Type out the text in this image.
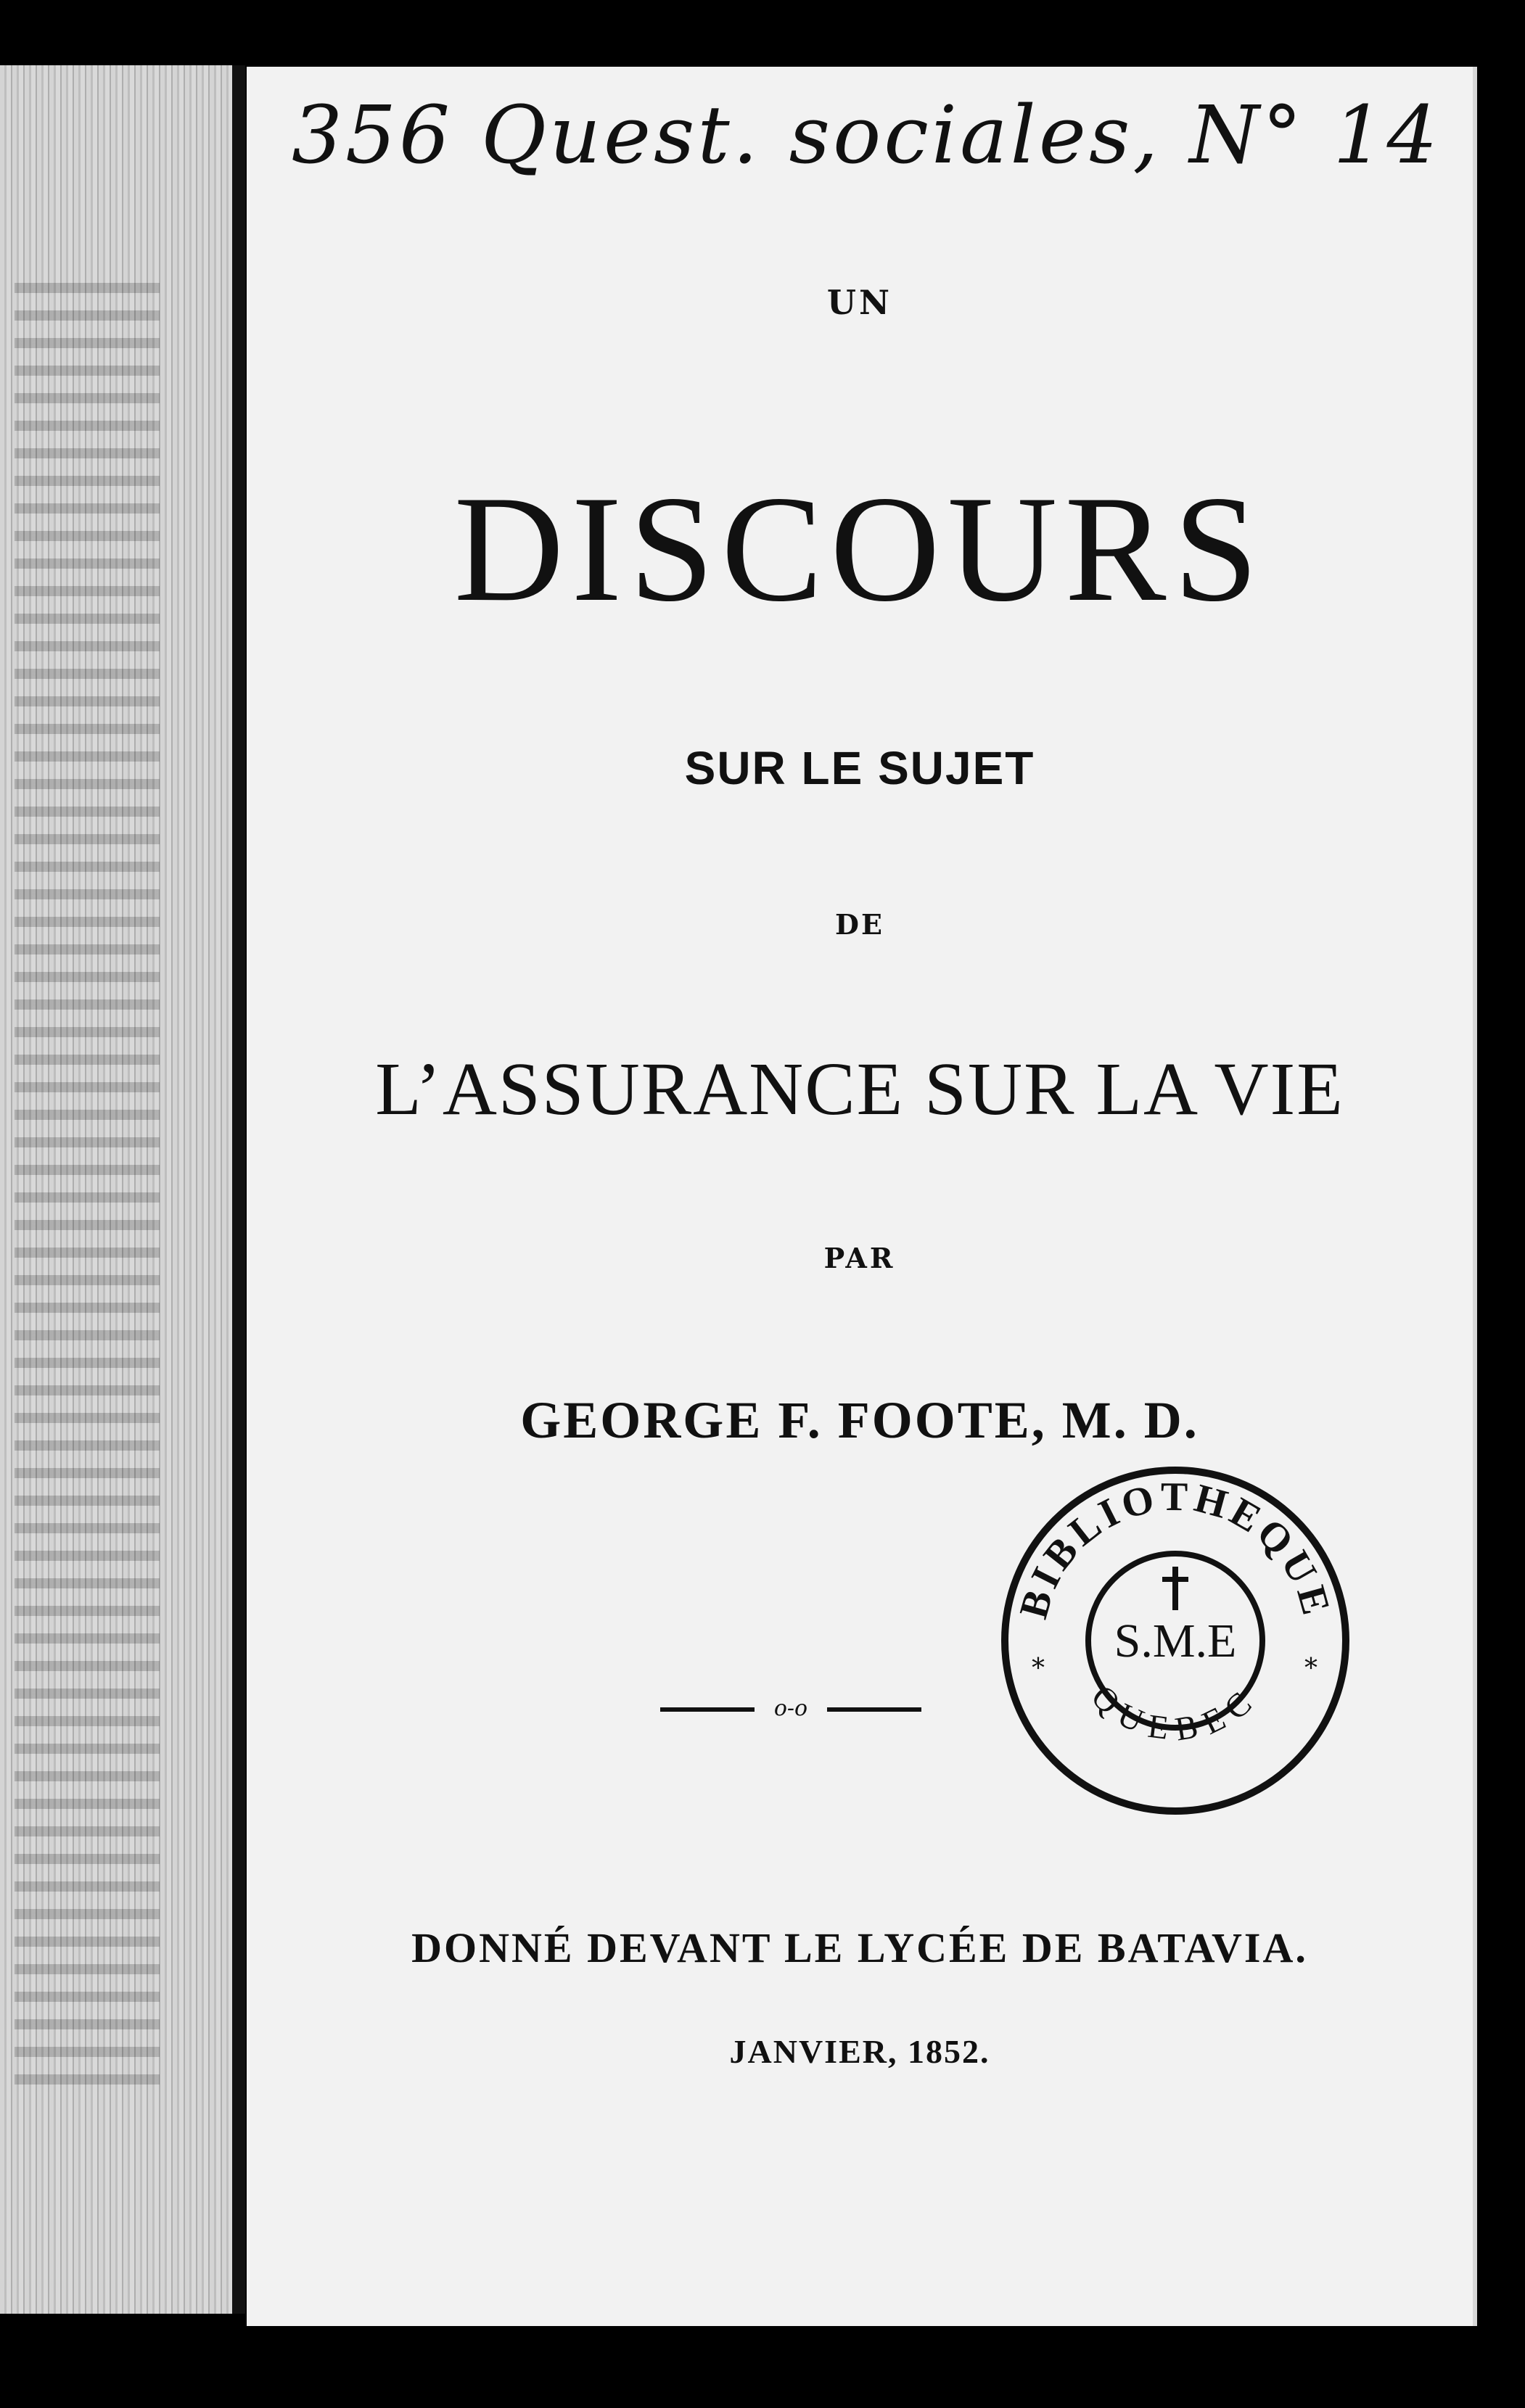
356 Quest. sociales, N° 14
UN
DISCOURS
SUR LE SUJET
DE
L’ASSURANCE SUR LA VIE
PAR
GEORGE F. FOOTE, M. D.
o-o
DONNÉ DEVANT LE LYCÉE DE BATAVIA.
JANVIER, 1852.
BIBLIOTHEQUE
S.M.E
QUEBEC
*	*
